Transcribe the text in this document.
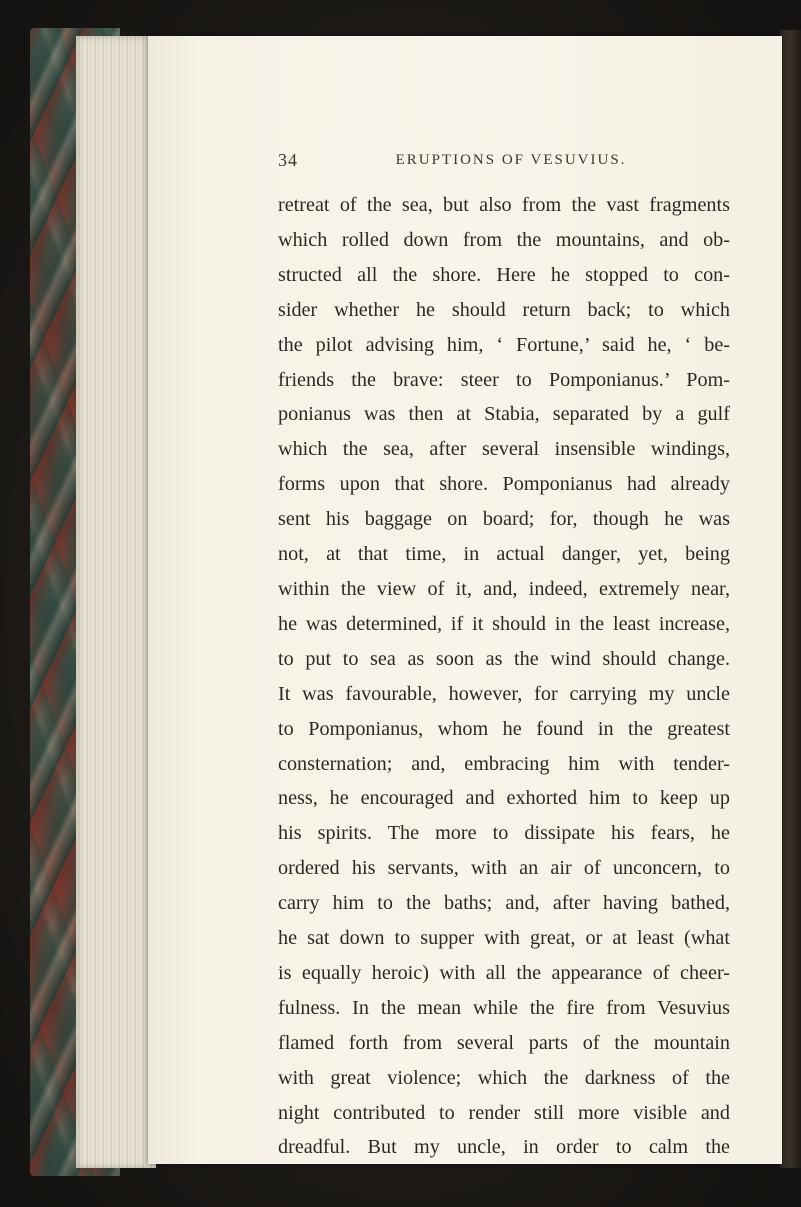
34	ERUPTIONS OF VESUVIUS.
retreat of the sea, but also from the vast fragments
which rolled down from the mountains, and ob-
structed all the shore. Here he stopped to con-
sider whether he should return back; to which
the pilot advising him, ‘ Fortune,’ said he, ‘ be-
friends the brave: steer to Pomponianus.’ Pom-
ponianus was then at Stabia, separated by a gulf
which the sea, after several insensible windings,
forms upon that shore. Pomponianus had already
sent his baggage on board; for, though he was
not, at that time, in actual danger, yet, being
within the view of it, and, indeed, extremely near,
he was determined, if it should in the least increase,
to put to sea as soon as the wind should change.
It was favourable, however, for carrying my uncle
to Pomponianus, whom he found in the greatest
consternation; and, embracing him with tender-
ness, he encouraged and exhorted him to keep up
his spirits. The more to dissipate his fears, he
ordered his servants, with an air of unconcern, to
carry him to the baths; and, after having bathed,
he sat down to supper with great, or at least (what
is equally heroic) with all the appearance of cheer-
fulness. In the mean while the fire from Vesuvius
flamed forth from several parts of the mountain
with great violence; which the darkness of the
night contributed to render still more visible and
dreadful. But my uncle, in order to calm the
